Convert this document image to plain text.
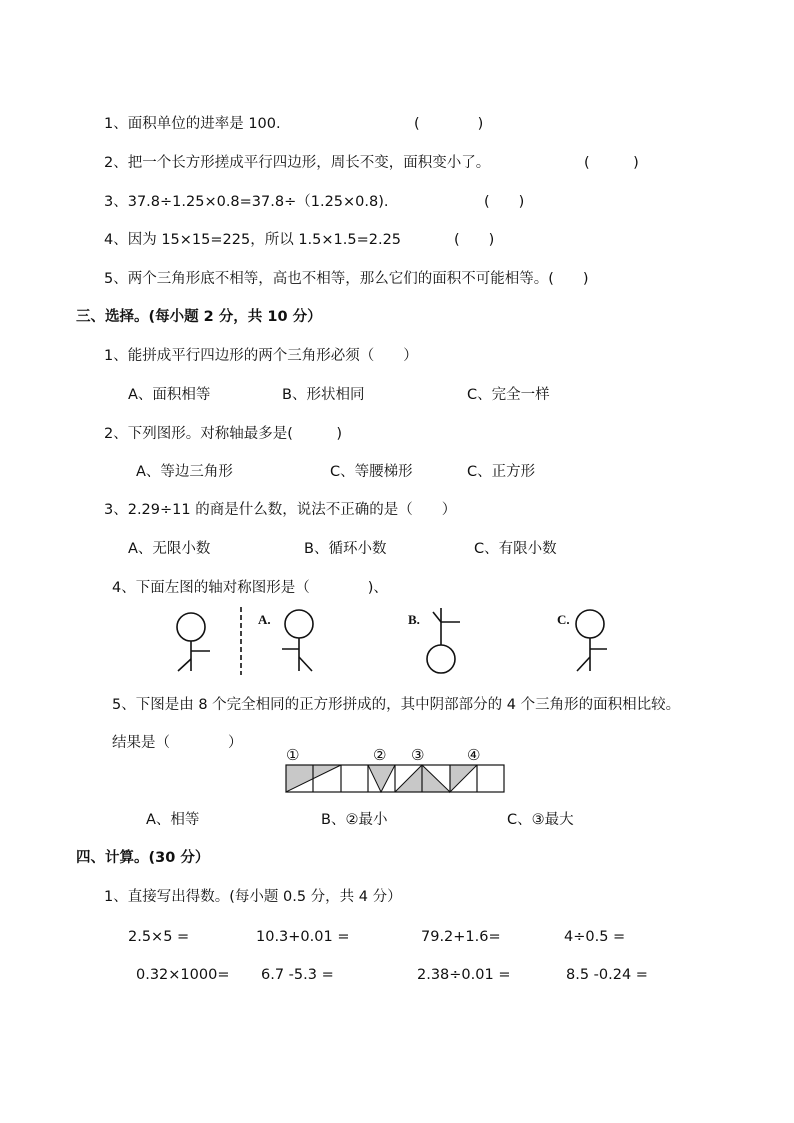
1、面积单位的进率是 100.	(　　　　)
2、把一个长方形搓成平行四边形，周长不变，面积变小了。	(　　　)
3、37.8÷1.25×0.8=37.8÷（1.25×0.8).	(　　)
4、因为 15×15=225，所以 1.5×1.5=2.25	(　　)
5、两个三角形底不相等，高也不相等，那么它们的面积不可能相等。(　　)
三、选择。(每小题 2 分，共 10 分）
1、能拼成平行四边形的两个三角形必须（　　）
A、面积相等	B、形状相同	C、完全一样
2、下列图形。对称轴最多是(　　　)
A、等边三角形	C、等腰梯形	C、正方形
3、2.29÷11 的商是什么数，说法不正确的是（　　）
A、无限小数	B、循环小数	C、有限小数
4、下面左图的轴对称图形是（　　　　)、
A.	B.	C.
5、下图是由 8 个完全相同的正方形拼成的，其中阴部部分的 4 个三角形的面积相比较。
结果是（　　　　）
①	② ③	④
A、相等	B、②最小	C、③最大
四、计算。(30 分）
1、直接写出得数。(每小题 0.5 分，共 4 分）
2.5×5 =	10.3+0.01 =	79.2+1.6=	4÷0.5 =
0.32×1000= 6.7 -5.3 =	2.38÷0.01 =	8.5 -0.24 =
